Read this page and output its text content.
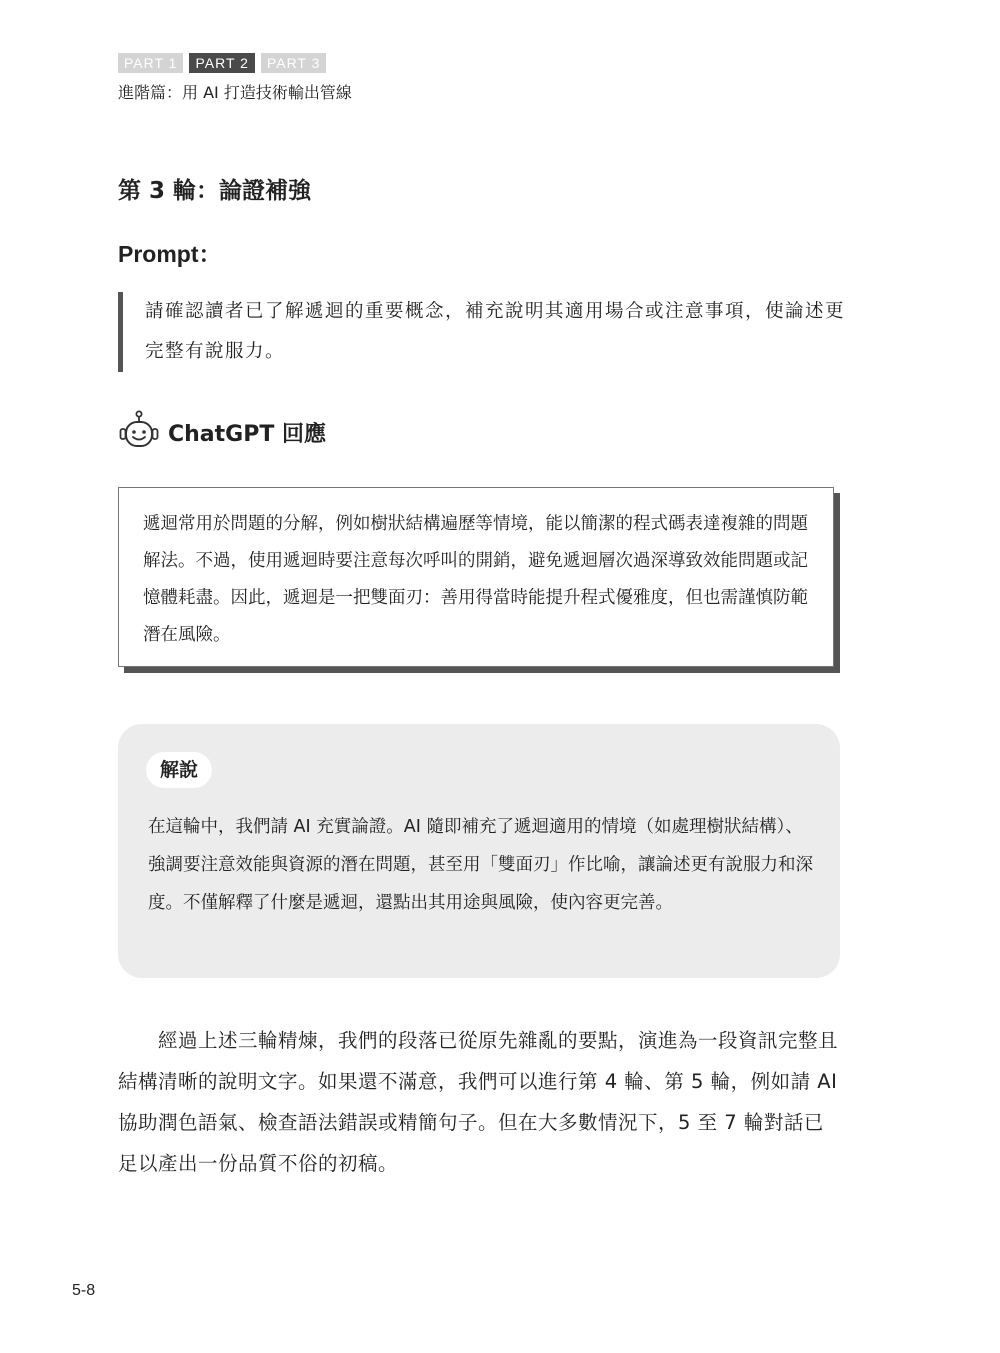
PART 1	PART 2	PART 3
進階篇：用 AI 打造技術輸出管線
第 3 輪：論證補強
Prompt：
請確認讀者已了解遞迴的重要概念，補充說明其適用場合或注意事項，使論述更完整有說服力。
ChatGPT 回應
遞迴常用於問題的分解，例如樹狀結構遍歷等情境，能以簡潔的程式碼表達複雜的問題解法。不過，使用遞迴時要注意每次呼叫的開銷，避免遞迴層次過深導致效能問題或記憶體耗盡。因此，遞迴是一把雙面刃：善用得當時能提升程式優雅度，但也需謹慎防範潛在風險。
解說
在這輪中，我們請 AI 充實論證。AI 隨即補充了遞迴適用的情境（如處理樹狀結構）、強調要注意效能與資源的潛在問題，甚至用「雙面刃」作比喻，讓論述更有說服力和深度。不僅解釋了什麼是遞迴，還點出其用途與風險，使內容更完善。
經過上述三輪精煉，我們的段落已從原先雜亂的要點，演進為一段資訊完整且結構清晰的說明文字。如果還不滿意，我們可以進行第 4 輪、第 5 輪，例如請 AI 協助潤色語氣、檢查語法錯誤或精簡句子。但在大多數情況下，5 至 7 輪對話已足以產出一份品質不俗的初稿。
5-8
